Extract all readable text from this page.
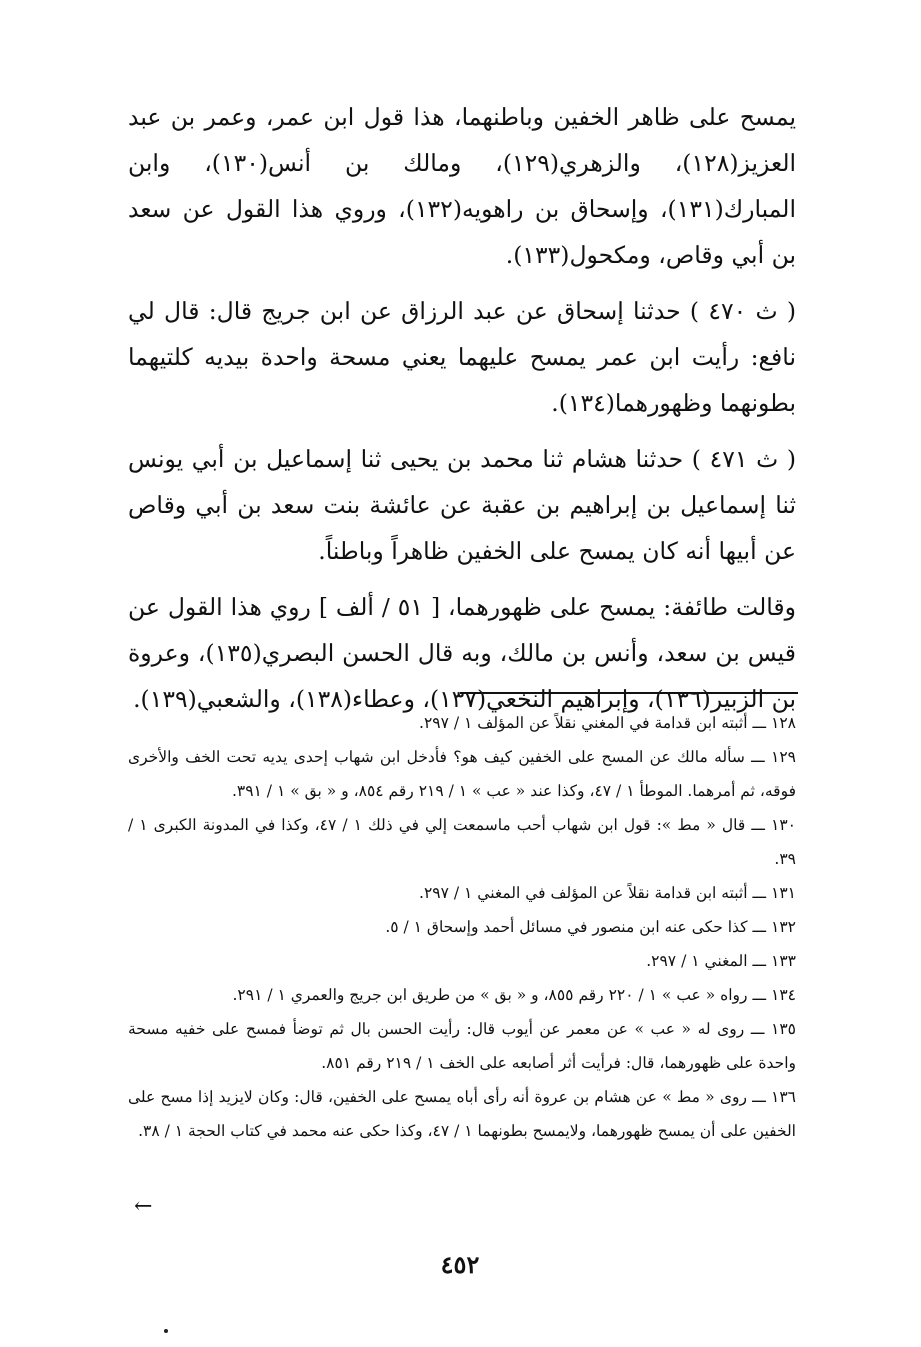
يمسح على ظاهر الخفين وباطنهما، هذا قول ابن عمر، وعمر بن عبد العزيز(١٢٨)، والزهري(١٢٩)، ومالك بن أنس(١٣٠)، وابن المبارك(١٣١)، وإسحاق بن راهويه(١٣٢)، وروي هذا القول عن سعد بن أبي وقاص، ومكحول(١٣٣).

( ث ٤٧٠ ) حدثنا إسحاق عن عبد الرزاق عن ابن جريج قال: قال لي نافع: رأيت ابن عمر يمسح عليهما يعني مسحة واحدة بيديه كلتيهما بطونهما وظهورهما(١٣٤).

( ث ٤٧١ ) حدثنا هشام ثنا محمد بن يحيى ثنا إسماعيل بن أبي يونس ثنا إسماعيل بن إبراهيم بن عقبة عن عائشة بنت سعد بن أبي وقاص عن أبيها أنه كان يمسح على الخفين ظاهراً وباطناً.

وقالت طائفة: يمسح على ظهورهما، [ ٥١ / ألف ] روي هذا القول عن قيس بن سعد، وأنس بن مالك، وبه قال الحسن البصري(١٣٥)، وعروة بن الزبير(١٣٦)، وإبراهيم النخعي(١٣٧)، وعطاء(١٣٨)، والشعبي(١٣٩).

١٢٨ ـــ أثبته ابن قدامة في المغني نقلاً عن المؤلف ١ / ٢٩٧.

١٢٩ ـــ سأله مالك عن المسح على الخفين كيف هو؟ فأدخل ابن شهاب إحدى يديه تحت الخف والأخرى فوقه، ثم أمرهما. الموطأ ١ / ٤٧، وكذا عند « عب » ١ / ٢١٩ رقم ٨٥٤، و « بق » ١ / ٣٩١.

١٣٠ ـــ قال « مط »: قول ابن شهاب أحب ماسمعت إلي في ذلك ١ / ٤٧، وكذا في المدونة الكبرى ١ / ٣٩.

١٣١ ـــ أثبته ابن قدامة نقلاً عن المؤلف في المغني ١ / ٢٩٧.

١٣٢ ـــ كذا حكى عنه ابن منصور في مسائل أحمد وإسحاق ١ / ٥.

١٣٣ ـــ المغني ١ / ٢٩٧.

١٣٤ ـــ رواه « عب » ١ / ٢٢٠ رقم ٨٥٥، و « بق » من طريق ابن جريج والعمري ١ / ٢٩١.

١٣٥ ـــ روى له « عب » عن معمر عن أيوب قال: رأيت الحسن بال ثم توضأ فمسح على خفيه مسحة واحدة على ظهورهما، قال: فرأيت أثر أصابعه على الخف ١ / ٢١٩ رقم ٨٥١.

١٣٦ ـــ روى « مط » عن هشام بن عروة أنه رأى أباه يمسح على الخفين، قال: وكان لايزيد إذا مسح على الخفين على أن يمسح ظهورهما، ولايمسح بطونهما ١ / ٤٧، وكذا حكى عنه محمد في كتاب الحجة ١ / ٣٨.

←
٤٥٢
